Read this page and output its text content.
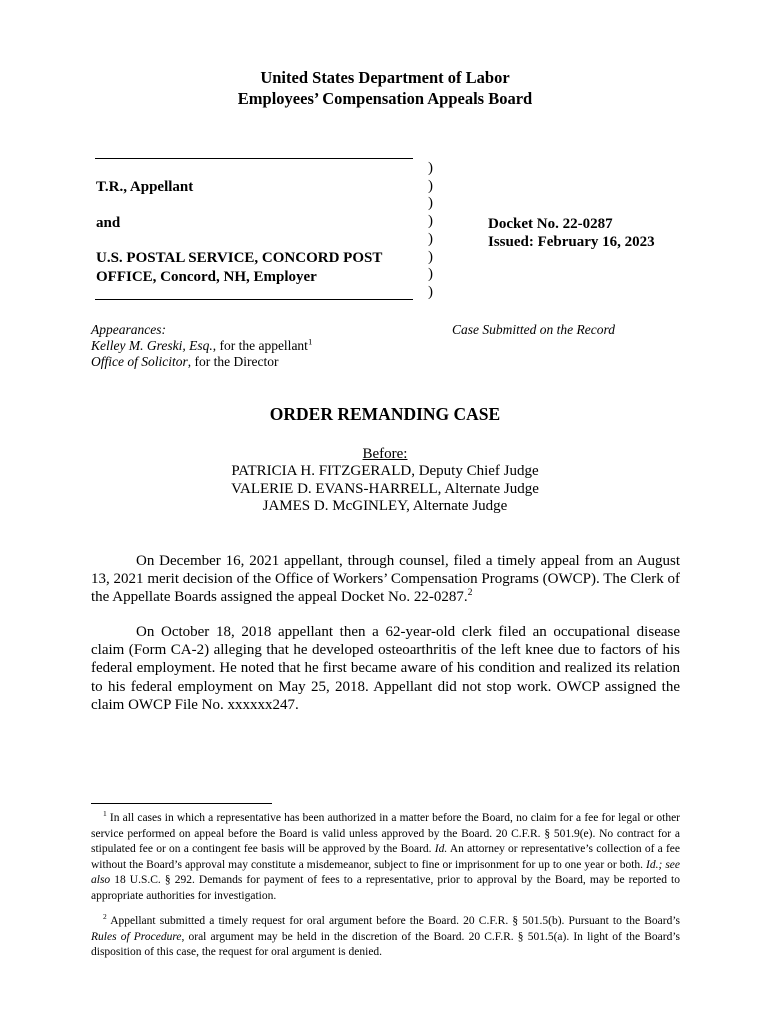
United States Department of Labor
Employees’ Compensation Appeals Board
T.R., Appellant
and
U.S. POSTAL SERVICE, CONCORD POST
OFFICE, Concord, NH, Employer
)
)
)
)
)
)
)
)
Docket No. 22-0287
Issued: February 16, 2023
Appearances:
Kelley M. Greski, Esq., for the appellant$^1$
Office of Solicitor, for the Director
Case Submitted on the Record
ORDER REMANDING CASE
Before:
PATRICIA H. FITZGERALD, Deputy Chief Judge
VALERIE D. EVANS-HARRELL, Alternate Judge
JAMES D. McGINLEY, Alternate Judge
On December 16, 2021 appellant, through counsel, filed a timely appeal from an August 13, 2021 merit decision of the Office of Workers’ Compensation Programs (OWCP). The Clerk of the Appellate Boards assigned the appeal Docket No. 22-0287.$^2$
On October 18, 2018 appellant then a 62-year-old clerk filed an occupational disease claim (Form CA-2) alleging that he developed osteoarthritis of the left knee due to factors of his federal employment. He noted that he first became aware of his condition and realized its relation to his federal employment on May 25, 2018. Appellant did not stop work. OWCP assigned the claim OWCP File No. xxxxxx247.
$^1$ In all cases in which a representative has been authorized in a matter before the Board, no claim for a fee for legal or other service performed on appeal before the Board is valid unless approved by the Board. 20 C.F.R. § 501.9(e). No contract for a stipulated fee or on a contingent fee basis will be approved by the Board. Id. An attorney or representative’s collection of a fee without the Board’s approval may constitute a misdemeanor, subject to fine or imprisonment for up to one year or both. Id.; see also 18 U.S.C. § 292. Demands for payment of fees to a representative, prior to approval by the Board, may be reported to appropriate authorities for investigation.
$^2$ Appellant submitted a timely request for oral argument before the Board. 20 C.F.R. § 501.5(b). Pursuant to the Board’s Rules of Procedure, oral argument may be held in the discretion of the Board. 20 C.F.R. § 501.5(a). In light of the Board’s disposition of this case, the request for oral argument is denied.
